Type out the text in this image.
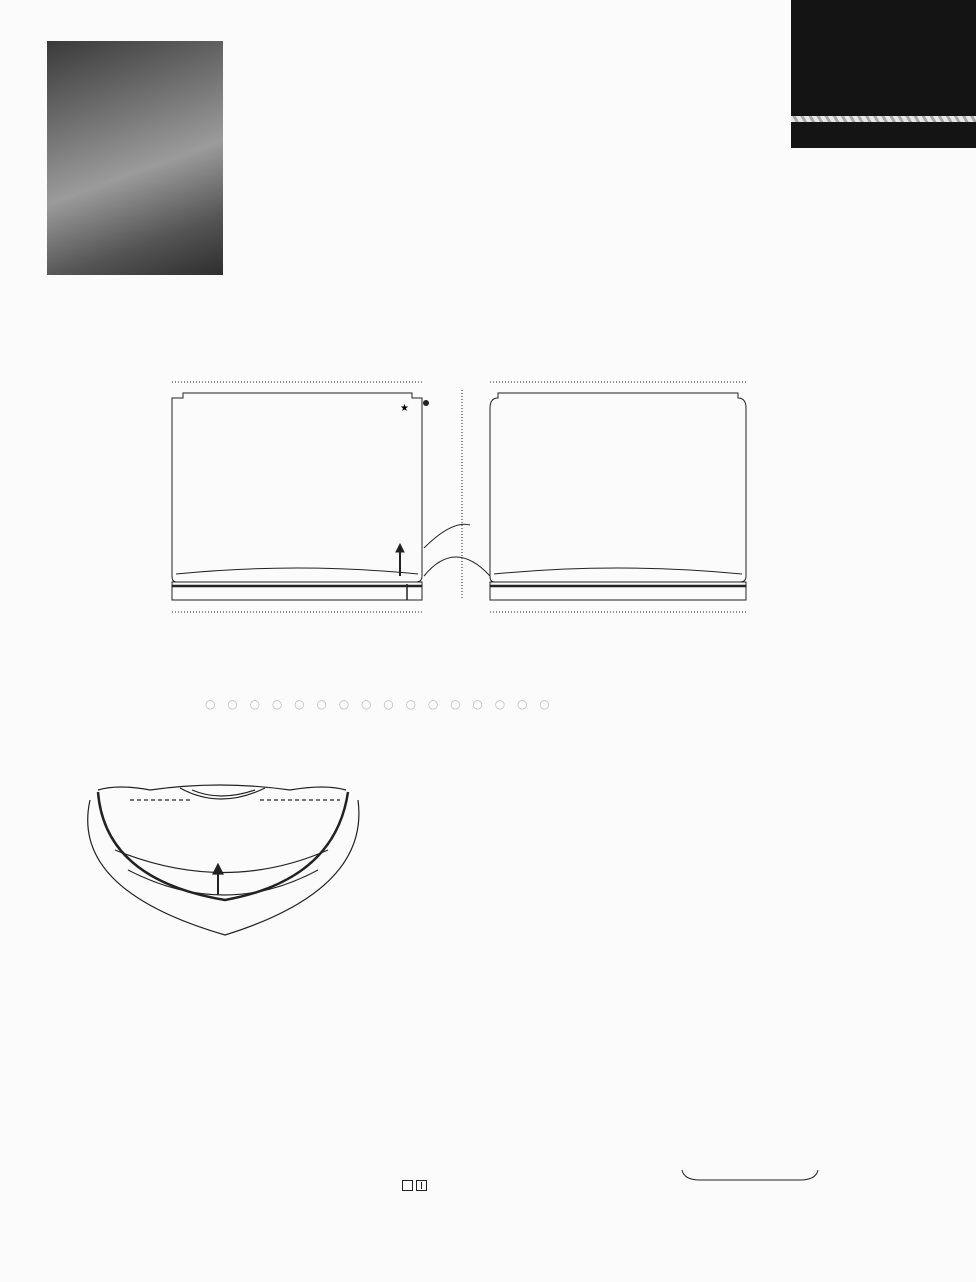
★
○ ○ ○ ○ ○ ○ ○ ○ ○ ○ ○ ○ ○ ○ ○ ○
